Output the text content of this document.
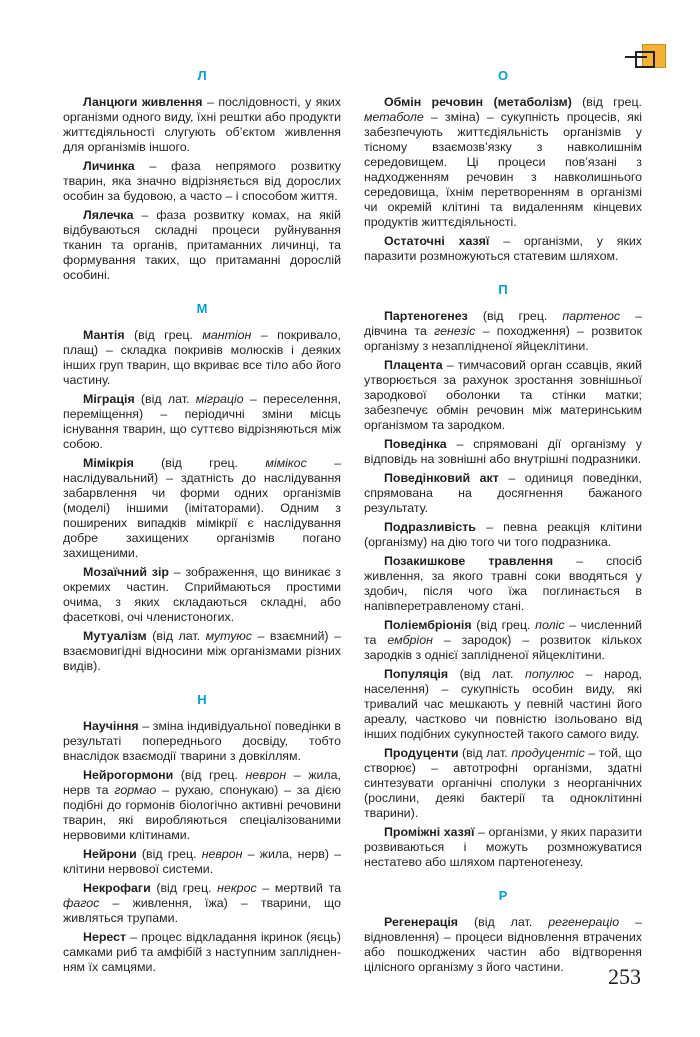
Л

Ланцюги живлення – послідовності, у яких організми одного виду, їхні рештки або продукти життєдіяльності слугують об’єктом живлення для організмів іншого.

Личинка – фаза непрямого розвитку тварин, яка значно відрізняється від дорослих особин за будовою, а часто – і способом життя.

Лялечка – фаза розвитку комах, на якій відбуваються складні процеси руйнування тканин та органів, притаманних личинці, та формування таких, що притаманні дорослій особині.

М

Мантія (від грец. мантіон – покривало, плащ) – складка покривів молюсків і деяких інших груп тварин, що вкриває все тіло або його частину.

Міграція (від лат. міграціо – переселення, переміщення) – періодичні зміни місць існування тварин, що суттєво відрізняються між собою.

Мімікрія (від грец. мімікос – наслідувальний) – здатність до наслідування забарвлення чи форми одних організмів (моделі) іншими (імітаторами). Одним з поширених випадків мімікрії є наслідування добре захищених організмів погано захищеними.

Мозаїчний зір – зображення, що виникає з окремих частин. Сприймаються простими очима, з яких складаються складні, або фасеткові, очі членистоногих.

Мутуалізм (від лат. мутуюс – взаємний) – взаємовигідні відносини між організмами різних видів).

Н

Научіння – зміна індивідуальної поведінки в результаті попереднього досвіду, тобто внаслідок взаємодії тварини з довкіллям.

Нейрогормони (від грец. неврон – жила, нерв та гормао – рухаю, спонукаю) – за дією подібні до гормонів біологічно активні речовини тварин, які виробляються спеціалізованими нервовими клітинами.

Нейрони (від грец. неврон – жила, нерв) – клітини нервової системи.

Некрофаги (від грец. некрос – мертвий та фагос – живлення, їжа) – тварини, що живляться трупами.

Нерест – процес відкладання ікринок (яєць) самками риб та амфібій з наступним заплідненням їх самцями.

О

Обмін речовин (метаболізм) (від грец. метаболе – зміна) – сукупність процесів, які забезпечують життєдіяльність організмів у тісному взаємозв’язку з навколишнім середовищем. Ці процеси пов’язані з надходженням речовин з навколишнього середовища, їхнім перетворенням в організмі чи окремій клітині та видаленням кінцевих продуктів життєдіяльності.

Остаточні хазяї – організми, у яких паразити розмножуються статевим шляхом.

П

Партеногенез (від грец. партенос – дівчина та генезіс – походження) – розвиток організму з незаплідненої яйцеклітини.

Плацента – тимчасовий орган ссавців, який утворюється за рахунок зростання зовнішньої зародкової оболонки та стінки матки; забезпечує обмін речовин між материнським організмом та зародком.

Поведінка – спрямовані дії організму у відповідь на зовнішні або внутрішні подразники.

Поведінковий акт – одиниця поведінки, спрямована на досягнення бажаного результату.

Подразливість – певна реакція клітини (організму) на дію того чи того подразника.

Позакишкове травлення – спосіб живлення, за якого травні соки вводяться у здобич, після чого їжа поглинається в напівперетравленому стані.

Поліембріонія (від грец. поліс – численний та ембріон – зародок) – розвиток кількох зародків з однієї заплідненої яйцеклітини.

Популяція (від лат. популюс – народ, населення) – сукупність особин виду, які тривалий час мешкають у певній частині його ареалу, частково чи повністю ізольовано від інших подібних сукупностей такого самого виду.

Продуценти (від лат. продуцентіс – той, що створює) – автотрофні організми, здатні синтезувати органічні сполуки з неорганічних (рослини, деякі бактерії та одноклітинні тварини).

Проміжні хазяї – організми, у яких паразити розвиваються і можуть розмножуватися нестатево або шляхом партеногенезу.

Р

Регенерація (від лат. регенераціо – відновлення) – процеси відновлення втрачених або пошкоджених частин або відтворення цілісного організму з його частини.	253
